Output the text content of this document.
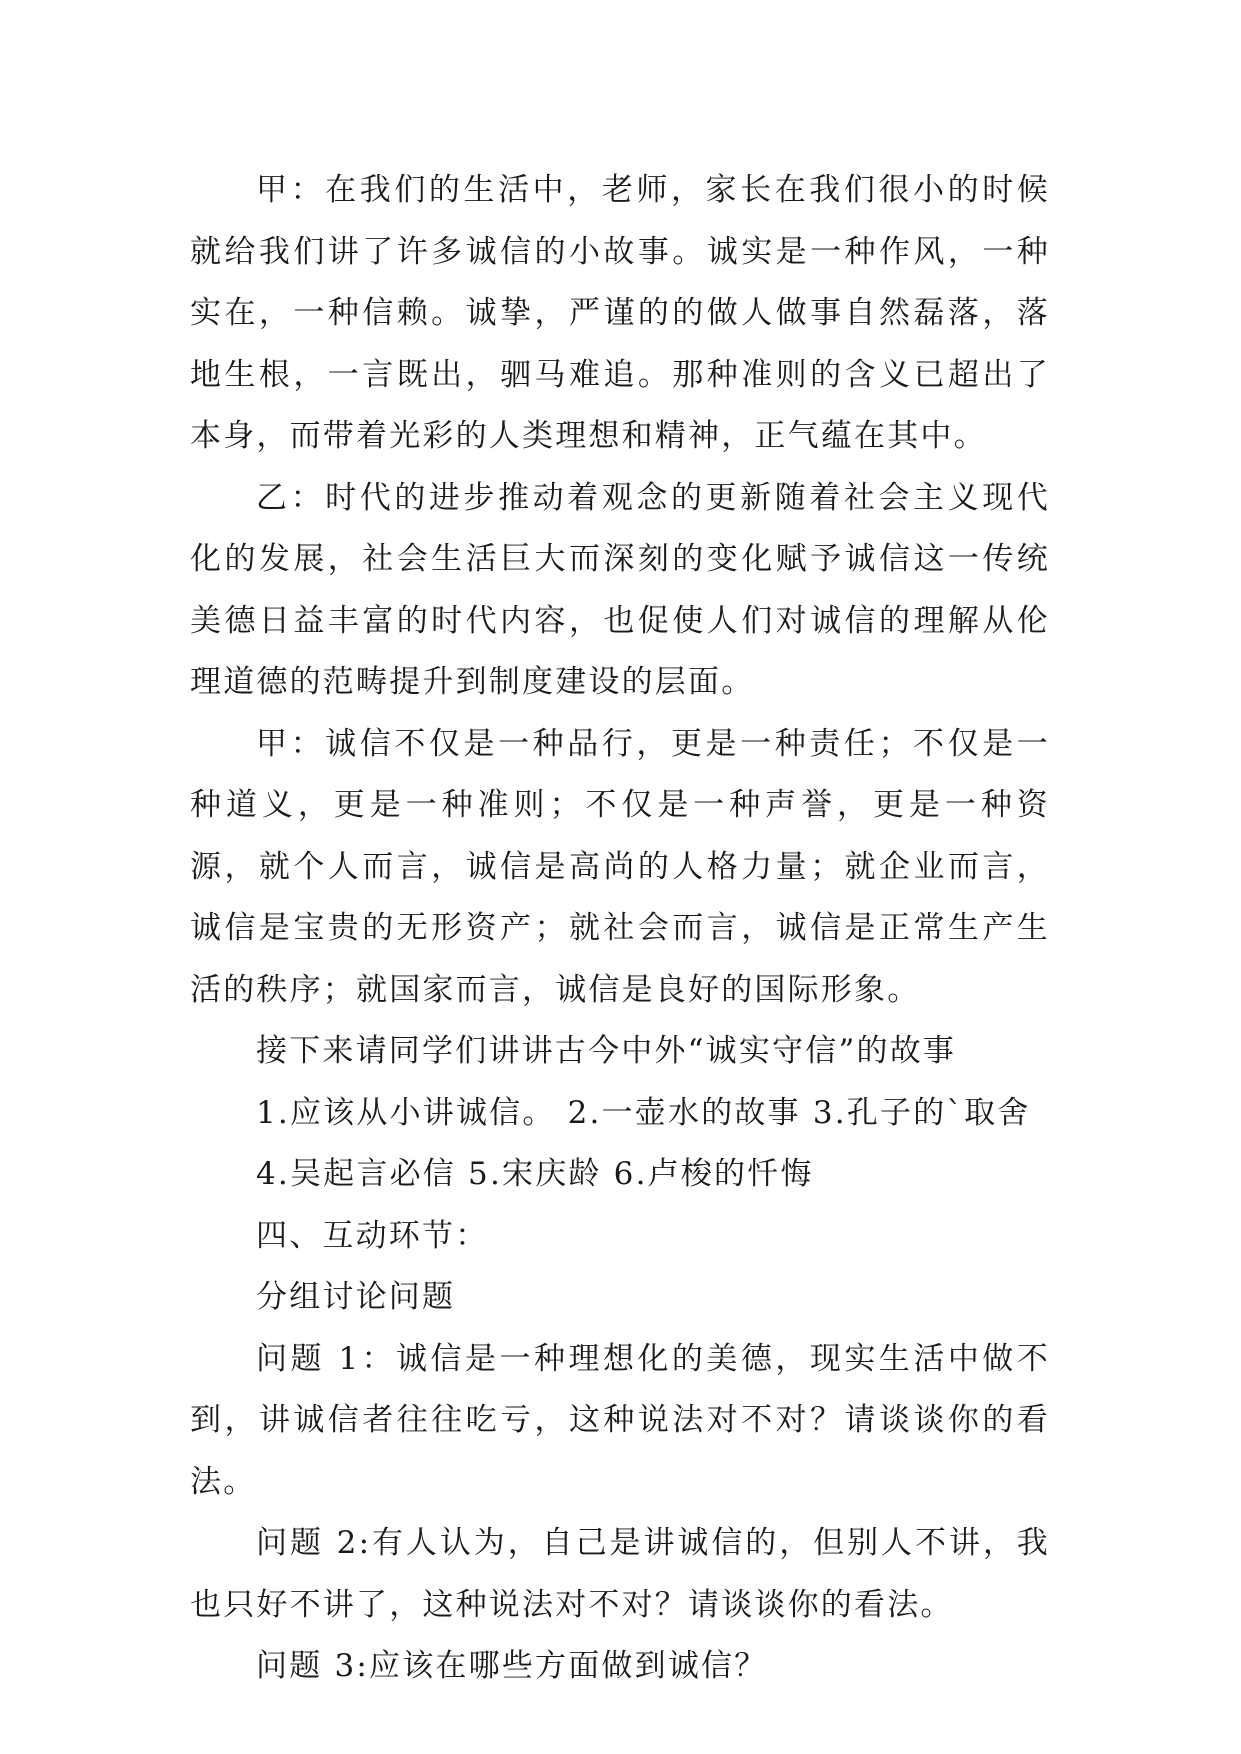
甲：在我们的生活中，老师，家长在我们很小的时候就给我们讲了许多诚信的小故事。诚实是一种作风，一种实在，一种信赖。诚挚，严谨的的做人做事自然磊落，落地生根，一言既出，驷马难追。那种准则的含义已超出了本身，而带着光彩的人类理想和精神，正气蕴在其中。

乙：时代的进步推动着观念的更新随着社会主义现代化的发展，社会生活巨大而深刻的变化赋予诚信这一传统美德日益丰富的时代内容，也促使人们对诚信的理解从伦理道德的范畴提升到制度建设的层面。

甲：诚信不仅是一种品行，更是一种责任；不仅是一种道义，更是一种准则；不仅是一种声誉，更是一种资源，就个人而言，诚信是高尚的人格力量；就企业而言，诚信是宝贵的无形资产；就社会而言，诚信是正常生产生活的秩序；就国家而言，诚信是良好的国际形象。

接下来请同学们讲讲古今中外“诚实守信”的故事

1.应该从小讲诚信。 2.一壶水的故事 3.孔子的`取舍

4.吴起言必信 5.宋庆龄 6.卢梭的忏悔

四、互动环节：

分组讨论问题

问题 1：诚信是一种理想化的美德，现实生活中做不到，讲诚信者往往吃亏，这种说法对不对？请谈谈你的看法。

问题 2:有人认为，自己是讲诚信的，但别人不讲，我也只好不讲了，这种说法对不对？请谈谈你的看法。

问题 3:应该在哪些方面做到诚信？
